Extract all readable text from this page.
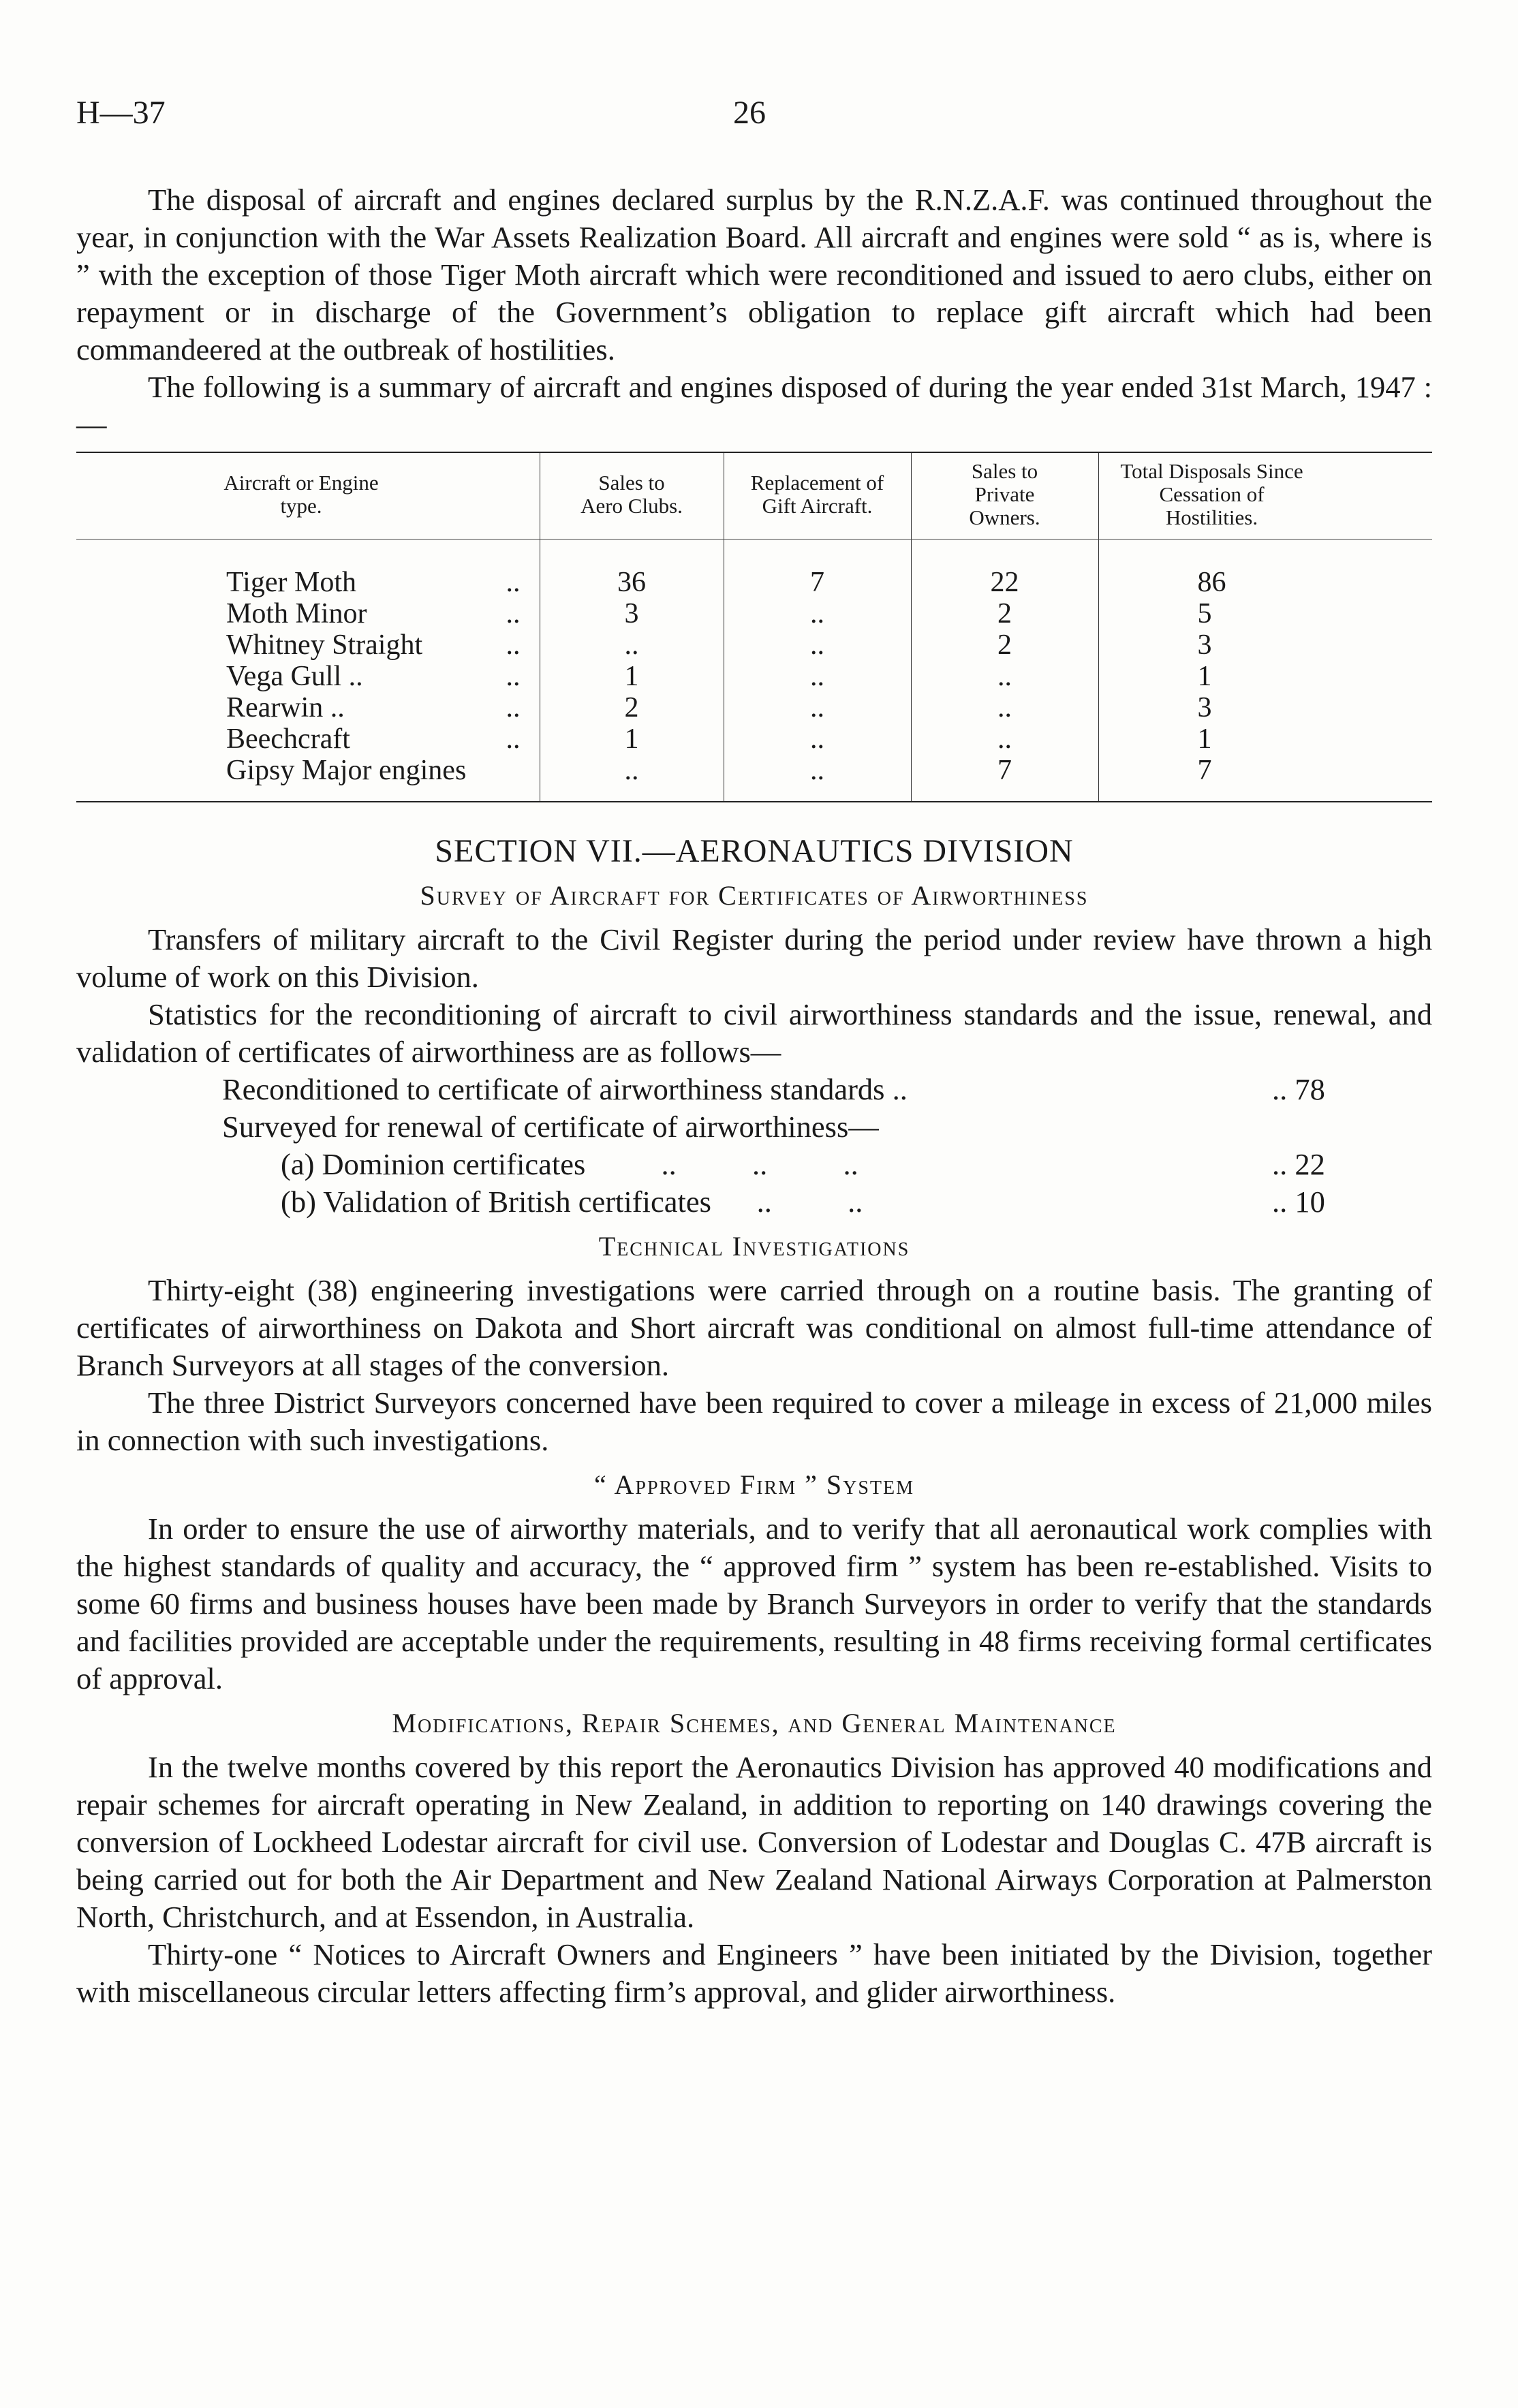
H—37	26

The disposal of aircraft and engines declared surplus by the R.N.Z.A.F. was continued throughout the year, in conjunction with the War Assets Realization Board. All aircraft and engines were sold “ as is, where is ” with the exception of those Tiger Moth aircraft which were reconditioned and issued to aero clubs, either on repayment or in discharge of the Government’s obligation to replace gift aircraft which had been commandeered at the outbreak of hostilities.

The following is a summary of aircraft and engines disposed of during the year ended 31st March, 1947 :—

Aircraft or Engine type.	Sales to Aero Clubs.	Replacement of Gift Aircraft.	Sales to Private Owners.	Total Disposals Since Cessation of Hostilities.

Tiger Moth ..	36	7	22	86
Moth Minor ..	3	..	2	5
Whitney Straight ..	..	..	2	3
Vega Gull .. ..	1	..	..	1
Rearwin .. ..	2	..	..	3
Beechcraft ..	1	..	..	1
Gipsy Major engines	..	..	7	7
SECTION VII.—AERONAUTICS DIVISION
Survey of Aircraft for Certificates of Airworthiness

Transfers of military aircraft to the Civil Register during the period under review have thrown a high volume of work on this Division.

Statistics for the reconditioning of aircraft to civil airworthiness standards and the issue, renewal, and validation of certificates of airworthiness are as follows—

Reconditioned to certificate of airworthiness standards ..	.. 78
Surveyed for renewal of certificate of airworthiness—
(a) Dominion certificates          ..          ..          ..	.. 22
(b) Validation of British certificates      ..          ..	.. 10
Technical Investigations

Thirty-eight (38) engineering investigations were carried through on a routine basis. The granting of certificates of airworthiness on Dakota and Short aircraft was conditional on almost full-time attendance of Branch Surveyors at all stages of the conversion.

The three District Surveyors concerned have been required to cover a mileage in excess of 21,000 miles in connection with such investigations.

“ Approved Firm ” System

In order to ensure the use of airworthy materials, and to verify that all aeronautical work complies with the highest standards of quality and accuracy, the “ approved firm ” system has been re-established. Visits to some 60 firms and business houses have been made by Branch Surveyors in order to verify that the standards and facilities provided are acceptable under the requirements, resulting in 48 firms receiving formal certificates of approval.

Modifications, Repair Schemes, and General Maintenance

In the twelve months covered by this report the Aeronautics Division has approved 40 modifications and repair schemes for aircraft operating in New Zealand, in addition to reporting on 140 drawings covering the conversion of Lockheed Lodestar aircraft for civil use. Conversion of Lodestar and Douglas C. 47B aircraft is being carried out for both the Air Department and New Zealand National Airways Corporation at Palmerston North, Christchurch, and at Essendon, in Australia.

Thirty-one “ Notices to Aircraft Owners and Engineers ” have been initiated by the Division, together with miscellaneous circular letters affecting firm’s approval, and glider airworthiness.
